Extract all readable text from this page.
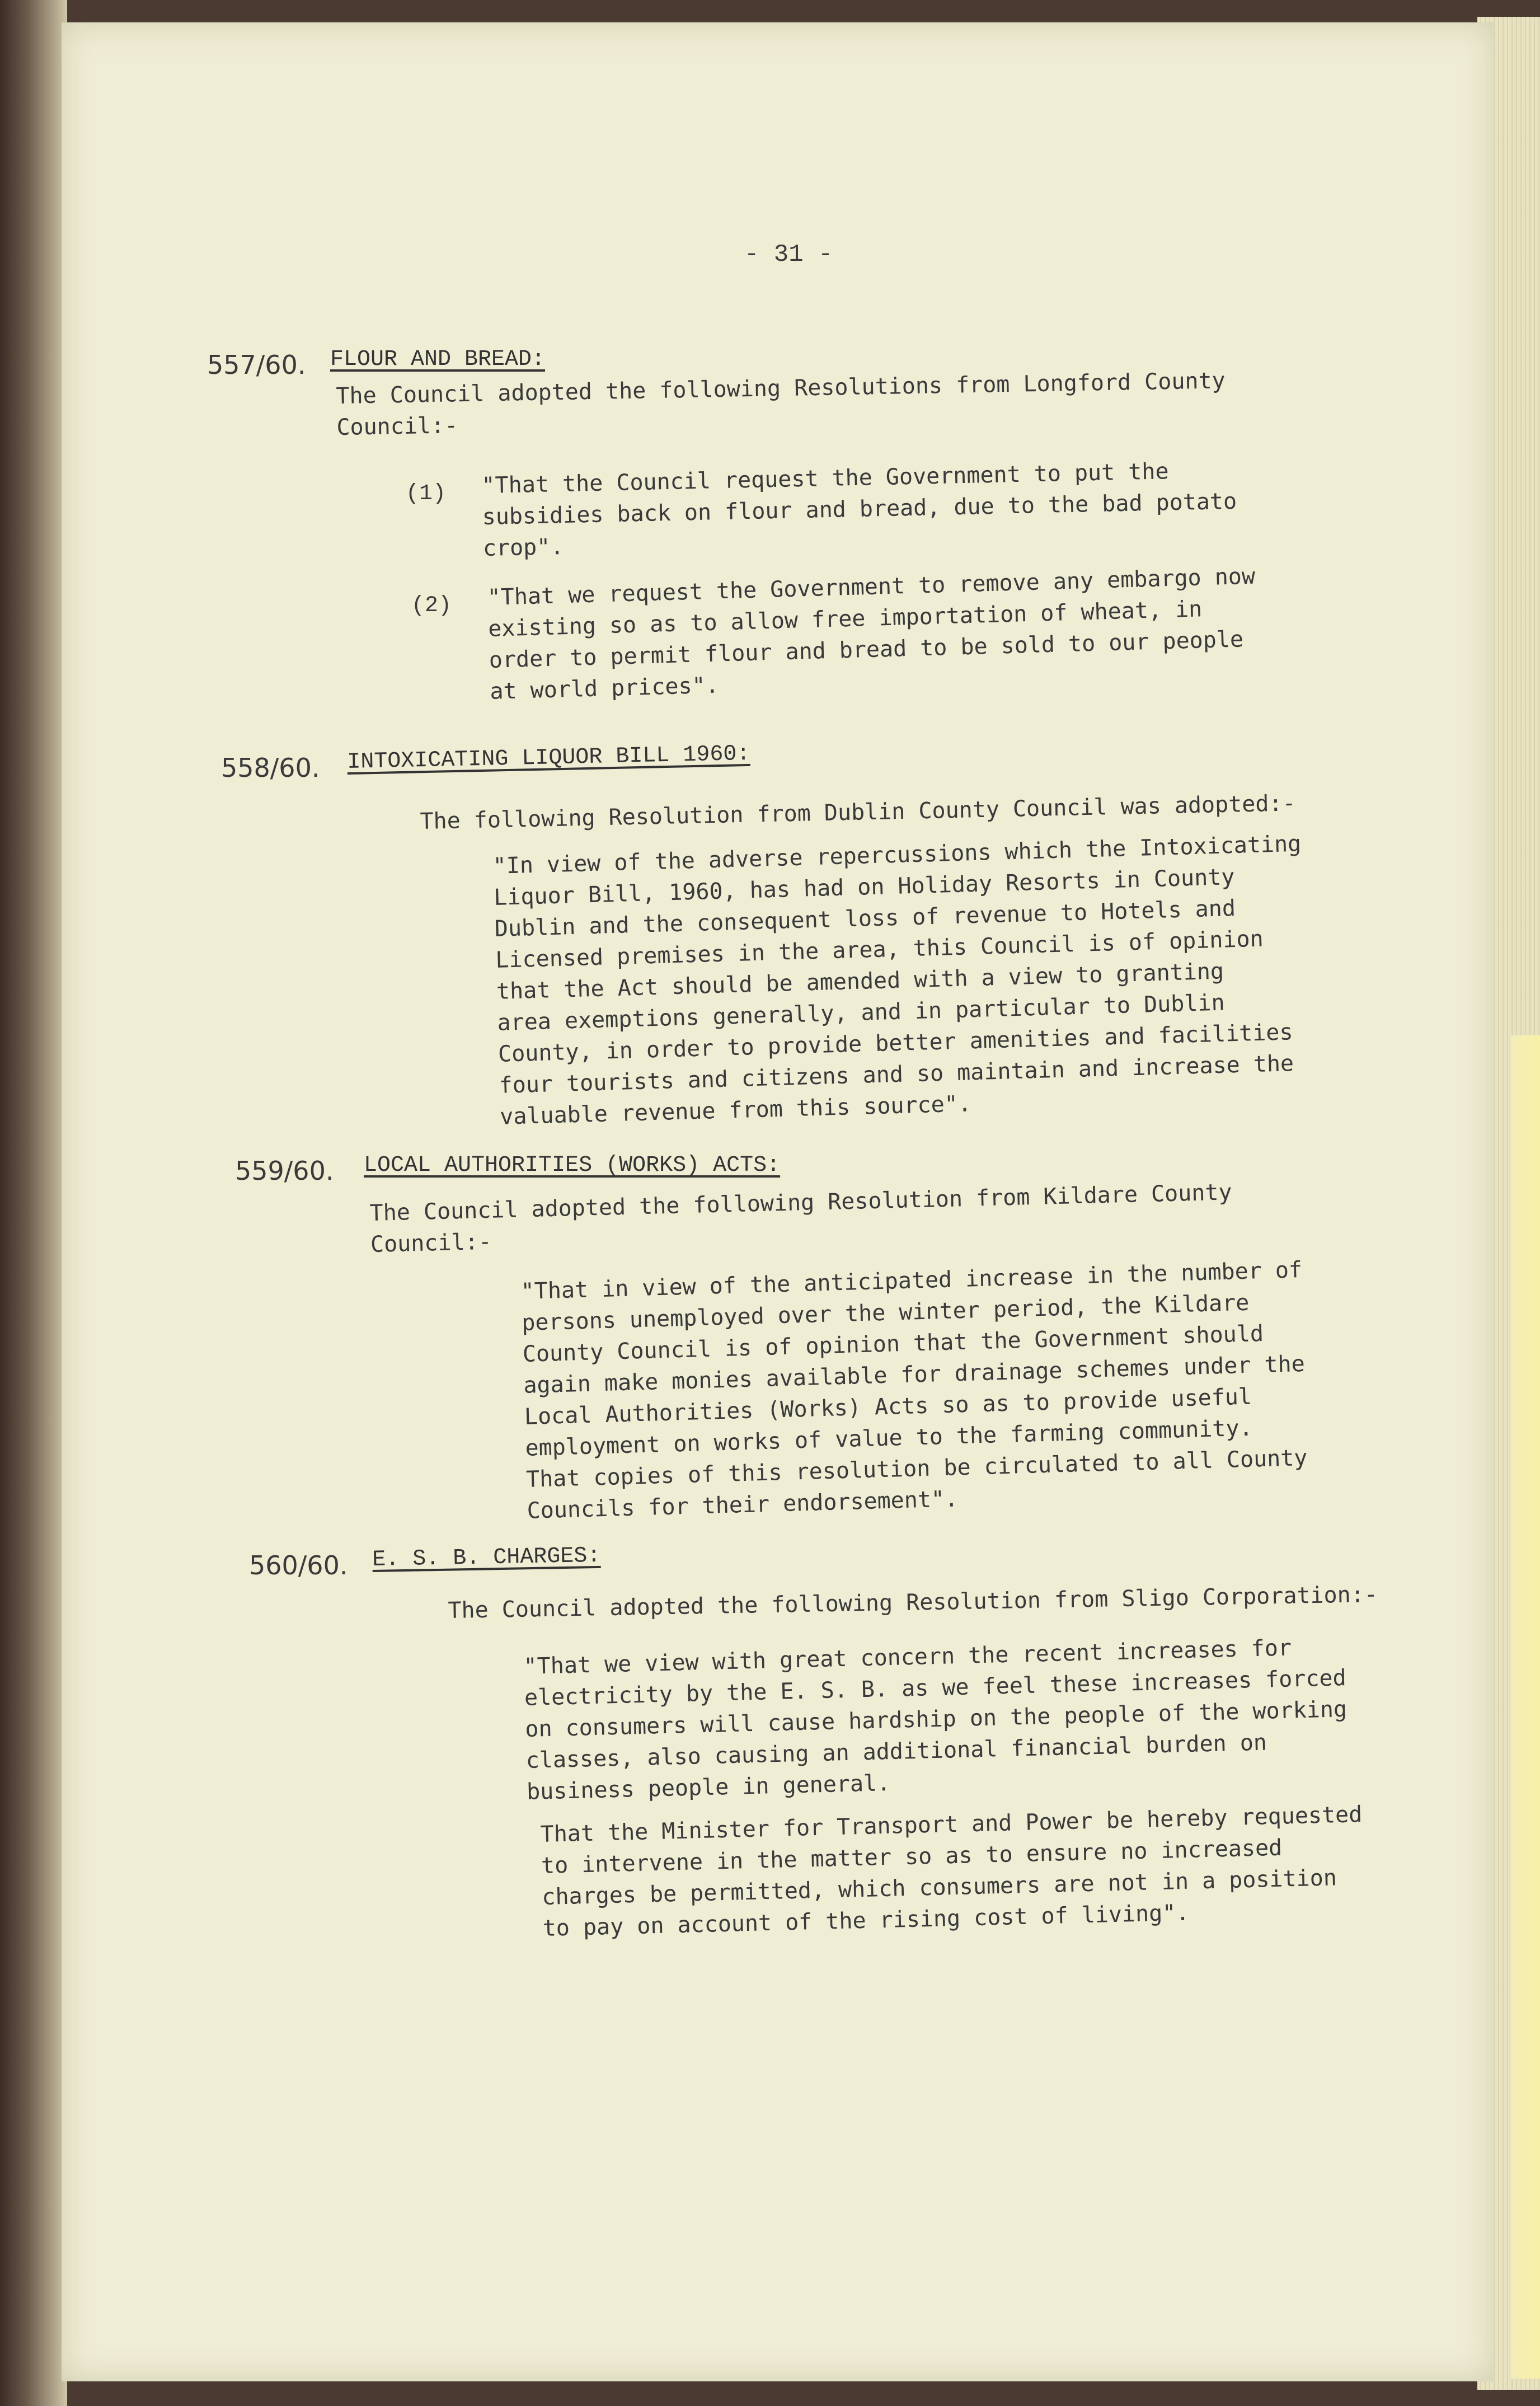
- 31 -
557/60. FLOUR AND BREAD:
The Council adopted the following Resolutions from Longford County
Council:-
(1) "That the Council request the Government to put the
subsidies back on flour and bread, due to the bad potato
crop".
(2) "That we request the Government to remove any embargo now
existing so as to allow free importation of wheat, in
order to permit flour and bread to be sold to our people
at world prices".
558/60. INTOXICATING LIQUOR BILL 1960:
The following Resolution from Dublin County Council was adopted:-
"In view of the adverse repercussions which the Intoxicating
Liquor Bill, 1960, has had on Holiday Resorts in County
Dublin and the consequent loss of revenue to Hotels and
Licensed premises in the area, this Council is of opinion
that the Act should be amended with a view to granting
area exemptions generally, and in particular to Dublin
County, in order to provide better amenities and facilities
four tourists and citizens and so maintain and increase the
valuable revenue from this source".
559/60. LOCAL AUTHORITIES (WORKS) ACTS:
The Council adopted the following Resolution from Kildare County
Council:-
"That in view of the anticipated increase in the number of
persons unemployed over the winter period, the Kildare
County Council is of opinion that the Government should
again make monies available for drainage schemes under the
Local Authorities (Works) Acts so as to provide useful
employment on works of value to the farming community.
That copies of this resolution be circulated to all County
Councils for their endorsement".
560/60. E. S. B. CHARGES:
The Council adopted the following Resolution from Sligo Corporation:-
"That we view with great concern the recent increases for
electricity by the E. S. B. as we feel these increases forced
on consumers will cause hardship on the people of the working
classes, also causing an additional financial burden on
business people in general.
That the Minister for Transport and Power be hereby requested
to intervene in the matter so as to ensure no increased
charges be permitted, which consumers are not in a position
to pay on account of the rising cost of living".
